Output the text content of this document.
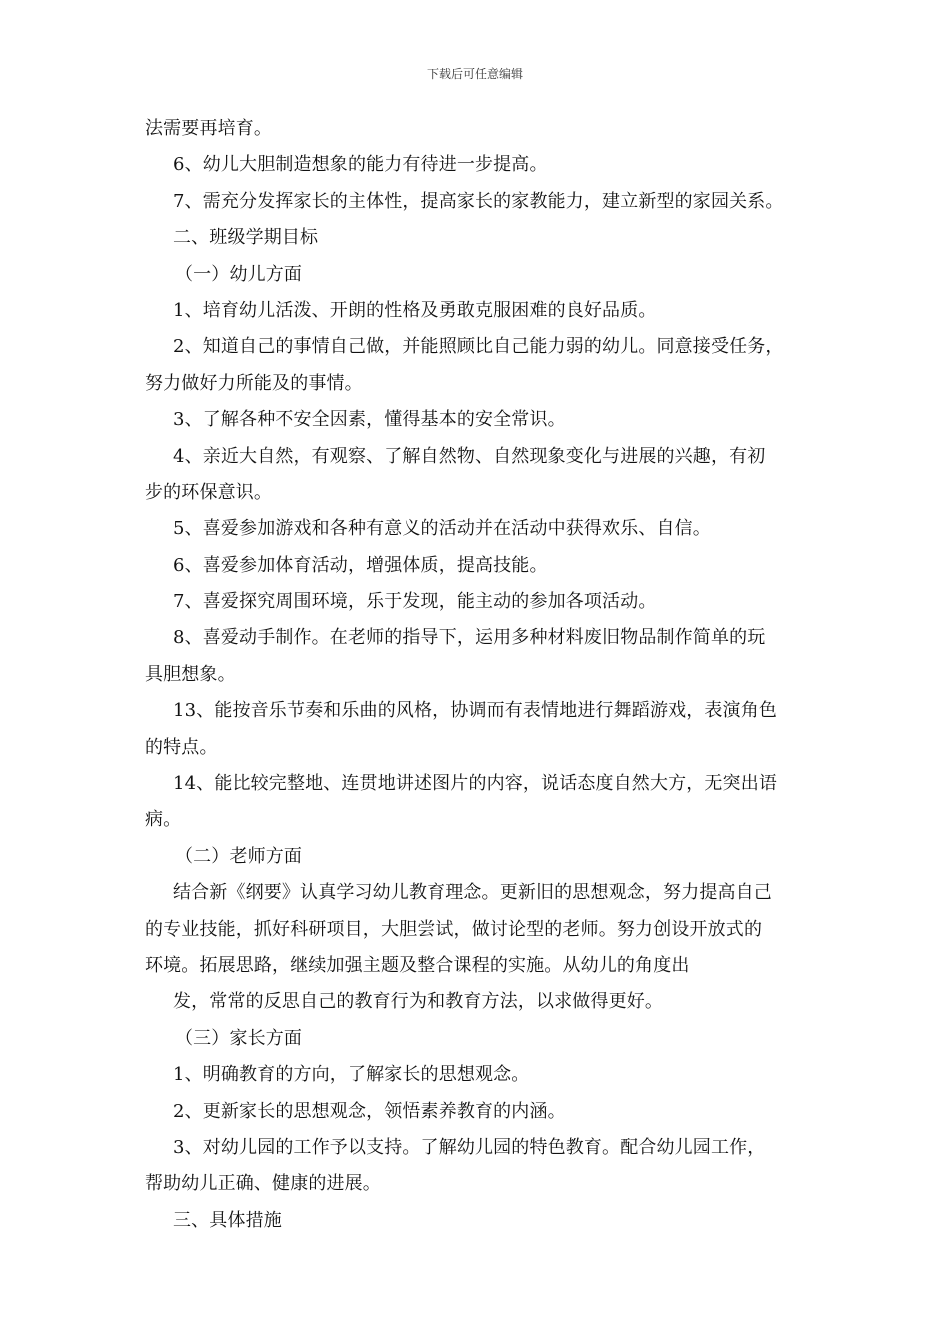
下载后可任意编辑
法需要再培育。
6、幼儿大胆制造想象的能力有待进一步提高。
7、需充分发挥家长的主体性，提高家长的家教能力，建立新型的家园关系。
二、班级学期目标
（一）幼儿方面
1、培育幼儿活泼、开朗的性格及勇敢克服困难的良好品质。
2、知道自己的事情自己做，并能照顾比自己能力弱的幼儿。同意接受任务，
努力做好力所能及的事情。
3、了解各种不安全因素，懂得基本的安全常识。
4、亲近大自然，有观察、了解自然物、自然现象变化与进展的兴趣，有初
步的环保意识。
5、喜爱参加游戏和各种有意义的活动并在活动中获得欢乐、自信。
6、喜爱参加体育活动，增强体质，提高技能。
7、喜爱探究周围环境，乐于发现，能主动的参加各项活动。
8、喜爱动手制作。在老师的指导下，运用多种材料废旧物品制作简单的玩
具胆想象。
13、能按音乐节奏和乐曲的风格，协调而有表情地进行舞蹈游戏，表演角色
的特点。
14、能比较完整地、连贯地讲述图片的内容，说话态度自然大方，无突出语
病。
（二）老师方面
结合新《纲要》认真学习幼儿教育理念。更新旧的思想观念，努力提高自己
的专业技能，抓好科研项目，大胆尝试，做讨论型的老师。努力创设开放式的
环境。拓展思路，继续加强主题及整合课程的实施。从幼儿的角度出
发，常常的反思自己的教育行为和教育方法，以求做得更好。
（三）家长方面
1、明确教育的方向，了解家长的思想观念。
2、更新家长的思想观念，领悟素养教育的内涵。
3、对幼儿园的工作予以支持。了解幼儿园的特色教育。配合幼儿园工作，
帮助幼儿正确、健康的进展。
三、具体措施
